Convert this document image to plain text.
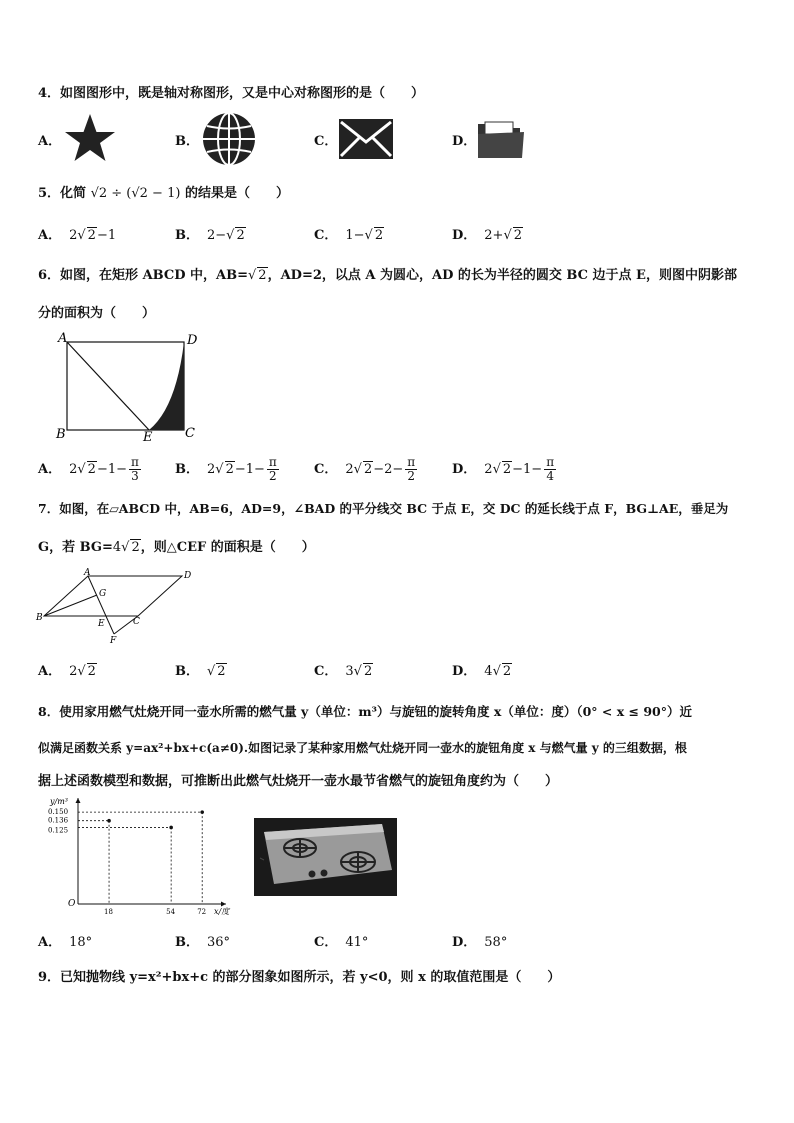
4．如图图形中，既是轴对称图形，又是中心对称图形的是（　　）
A．	B．	C．	D．
5．化简 √2 ÷ (√2 − 1) 的结果是（　　）
A． 2 √ 2−1	B． 2− √ 2	C． 1− √ 2	D． 2+ √ 2
6．如图，在矩形 ABCD 中，AB= √ 2，AD=2，以点 A 为圆心，AD 的长为半径的圆交 BC 边于点 E，则图中阴影部
分的面积为（　　）
A	D
B	E	C
A． 2 √ $2-1- \frac{\pi}{3}$	B． 2 √ $2-1- \frac{\pi}{2}$	C． 2 √ $2-2- \frac{\pi}{2}$	D． 2 √ $2-1- \frac{\pi}{4}$
7．如图，在▱ABCD 中，AB=6，AD=9，∠BAD 的平分线交 BC 于点 E，交 DC 的延长线于点 F，BG⊥AE，垂足为
G，若 BG=4 √ 2，则△CEF 的面积是（　　）
A	D
B
G
E	C
F
A． 2 √ 2	B． √ 2	C． 3 √ 2	D． 4 √ 2
8．使用家用燃气灶烧开同一壶水所需的燃气量 y（单位：m³）与旋钮的旋转角度 x（单位：度）（0° < x ≤ 90°）近
似满足函数关系 y=ax²+bx+c(a≠0).如图记录了某种家用燃气灶烧开同一壶水的旋钮角度 x 与燃气量 y 的三组数据，根
据上述函数模型和数据，可推断出此燃气灶烧开一壶水最节省燃气的旋钮角度约为（　　）
18	54	72
0.150
0.136
0.125
y/m³
x/度
O
A． 18°	B． 36°	C． 41°	D． 58°
9．已知抛物线 y=x²+bx+c 的部分图象如图所示，若 y<0，则 x 的取值范围是（　　）
